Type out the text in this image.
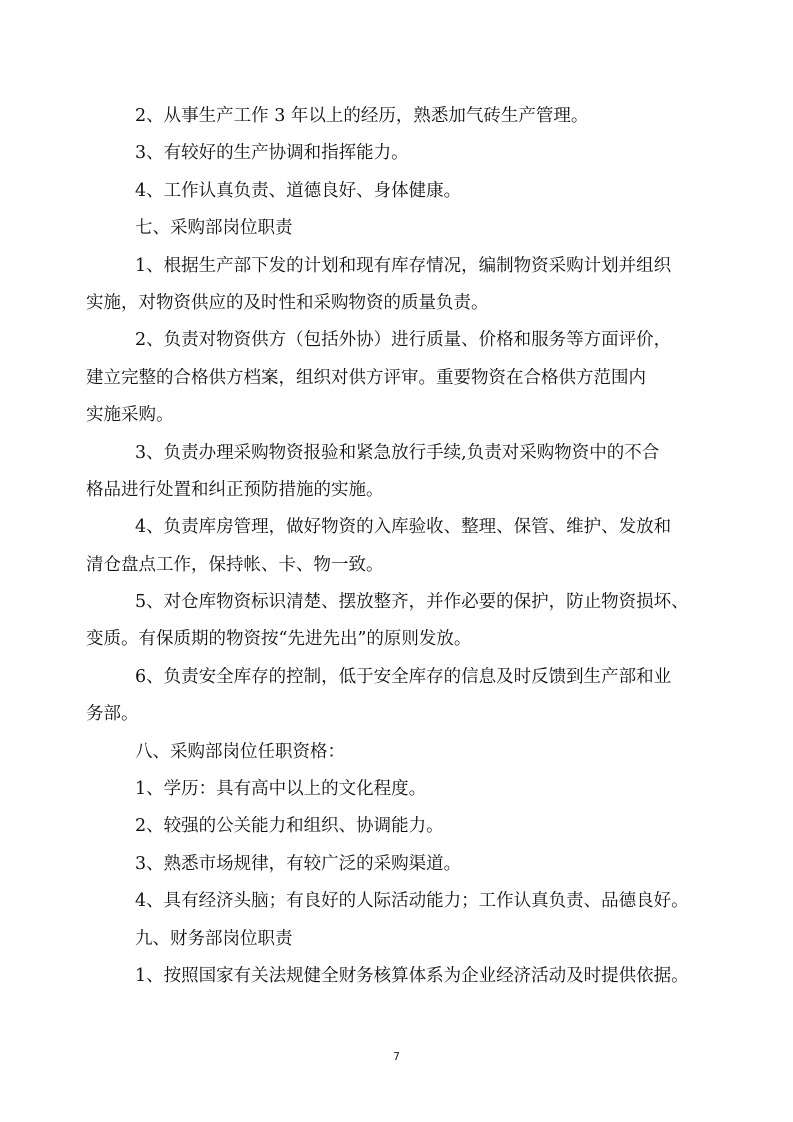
2、从事生产工作 3 年以上的经历，熟悉加气砖生产管理。

3、有较好的生产协调和指挥能力。

4、工作认真负责、道德良好、身体健康。

七、采购部岗位职责

1、根据生产部下发的计划和现有库存情况，编制物资采购计划并组织
实施，对物资供应的及时性和采购物资的质量负责。

2、负责对物资供方（包括外协）进行质量、价格和服务等方面评价，
建立完整的合格供方档案，组织对供方评审。重要物资在合格供方范围内
实施采购。

3、负责办理采购物资报验和紧急放行手续,负责对采购物资中的不合
格品进行处置和纠正预防措施的实施。

4、负责库房管理，做好物资的入库验收、整理、保管、维护、发放和
清仓盘点工作，保持帐、卡、物一致。

5、对仓库物资标识清楚、摆放整齐，并作必要的保护，防止物资损坏、
变质。有保质期的物资按“先进先出”的原则发放。

6、负责安全库存的控制，低于安全库存的信息及时反馈到生产部和业
务部。

八、采购部岗位任职资格：

1、学历：具有高中以上的文化程度。

2、较强的公关能力和组织、协调能力。

3、熟悉市场规律，有较广泛的采购渠道。

4、具有经济头脑；有良好的人际活动能力；工作认真负责、品德良好。

九、财务部岗位职责

1、按照国家有关法规健全财务核算体系为企业经济活动及时提供依据。

7
